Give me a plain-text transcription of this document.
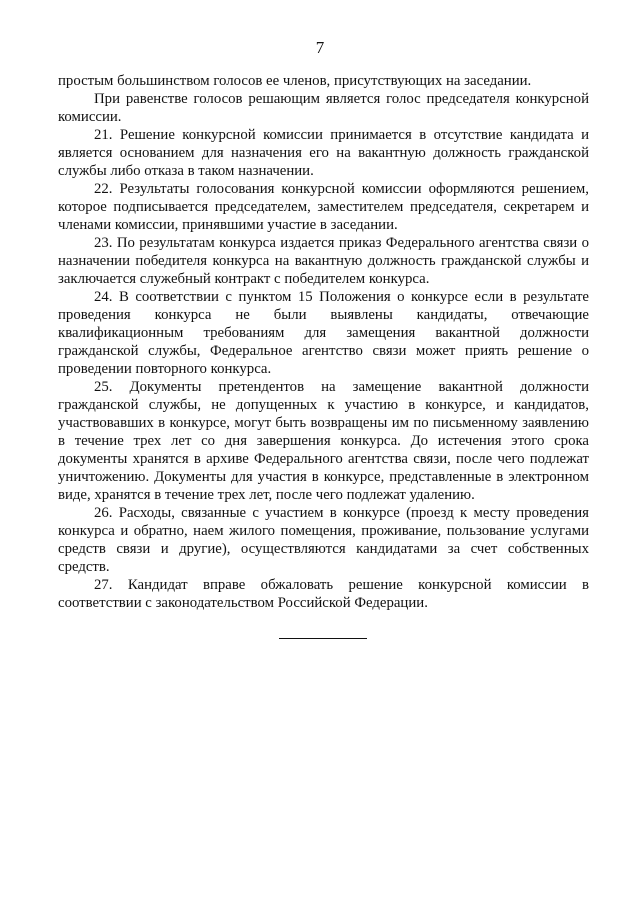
7

простым большинством голосов ее членов, присутствующих на заседании.

При равенстве голосов решающим является голос председателя конкурсной комиссии.

21. Решение конкурсной комиссии принимается в отсутствие кандидата и является основанием для назначения его на вакантную должность гражданской службы либо отказа в таком назначении.

22. Результаты голосования конкурсной комиссии оформляются решением, которое подписывается председателем, заместителем председателя, секретарем и членами комиссии, принявшими участие в заседании.

23. По результатам конкурса издается приказ Федерального агентства связи о назначении победителя конкурса на вакантную должность гражданской службы и заключается служебный контракт с победителем конкурса.

24. В соответствии с пунктом 15 Положения о конкурсе если в результате проведения конкурса не были выявлены кандидаты, отвечающие квалификационным требованиям для замещения вакантной должности гражданской службы, Федеральное агентство связи может приять решение о проведении повторного конкурса.

25. Документы претендентов на замещение вакантной должности гражданской службы, не допущенных к участию в конкурсе, и кандидатов, участвовавших в конкурсе, могут быть возвращены им по письменному заявлению в течение трех лет со дня завершения конкурса. До истечения этого срока документы хранятся в архиве Федерального агентства связи, после чего подлежат уничтожению. Документы для участия в конкурсе, представленные в электронном виде, хранятся в течение трех лет, после чего подлежат удалению.

26. Расходы, связанные с участием в конкурсе (проезд к месту проведения конкурса и обратно, наем жилого помещения, проживание, пользование услугами средств связи и другие), осуществляются кандидатами за счет собственных средств.

27. Кандидат вправе обжаловать решение конкурсной комиссии в соответствии с законодательством Российской Федерации.
